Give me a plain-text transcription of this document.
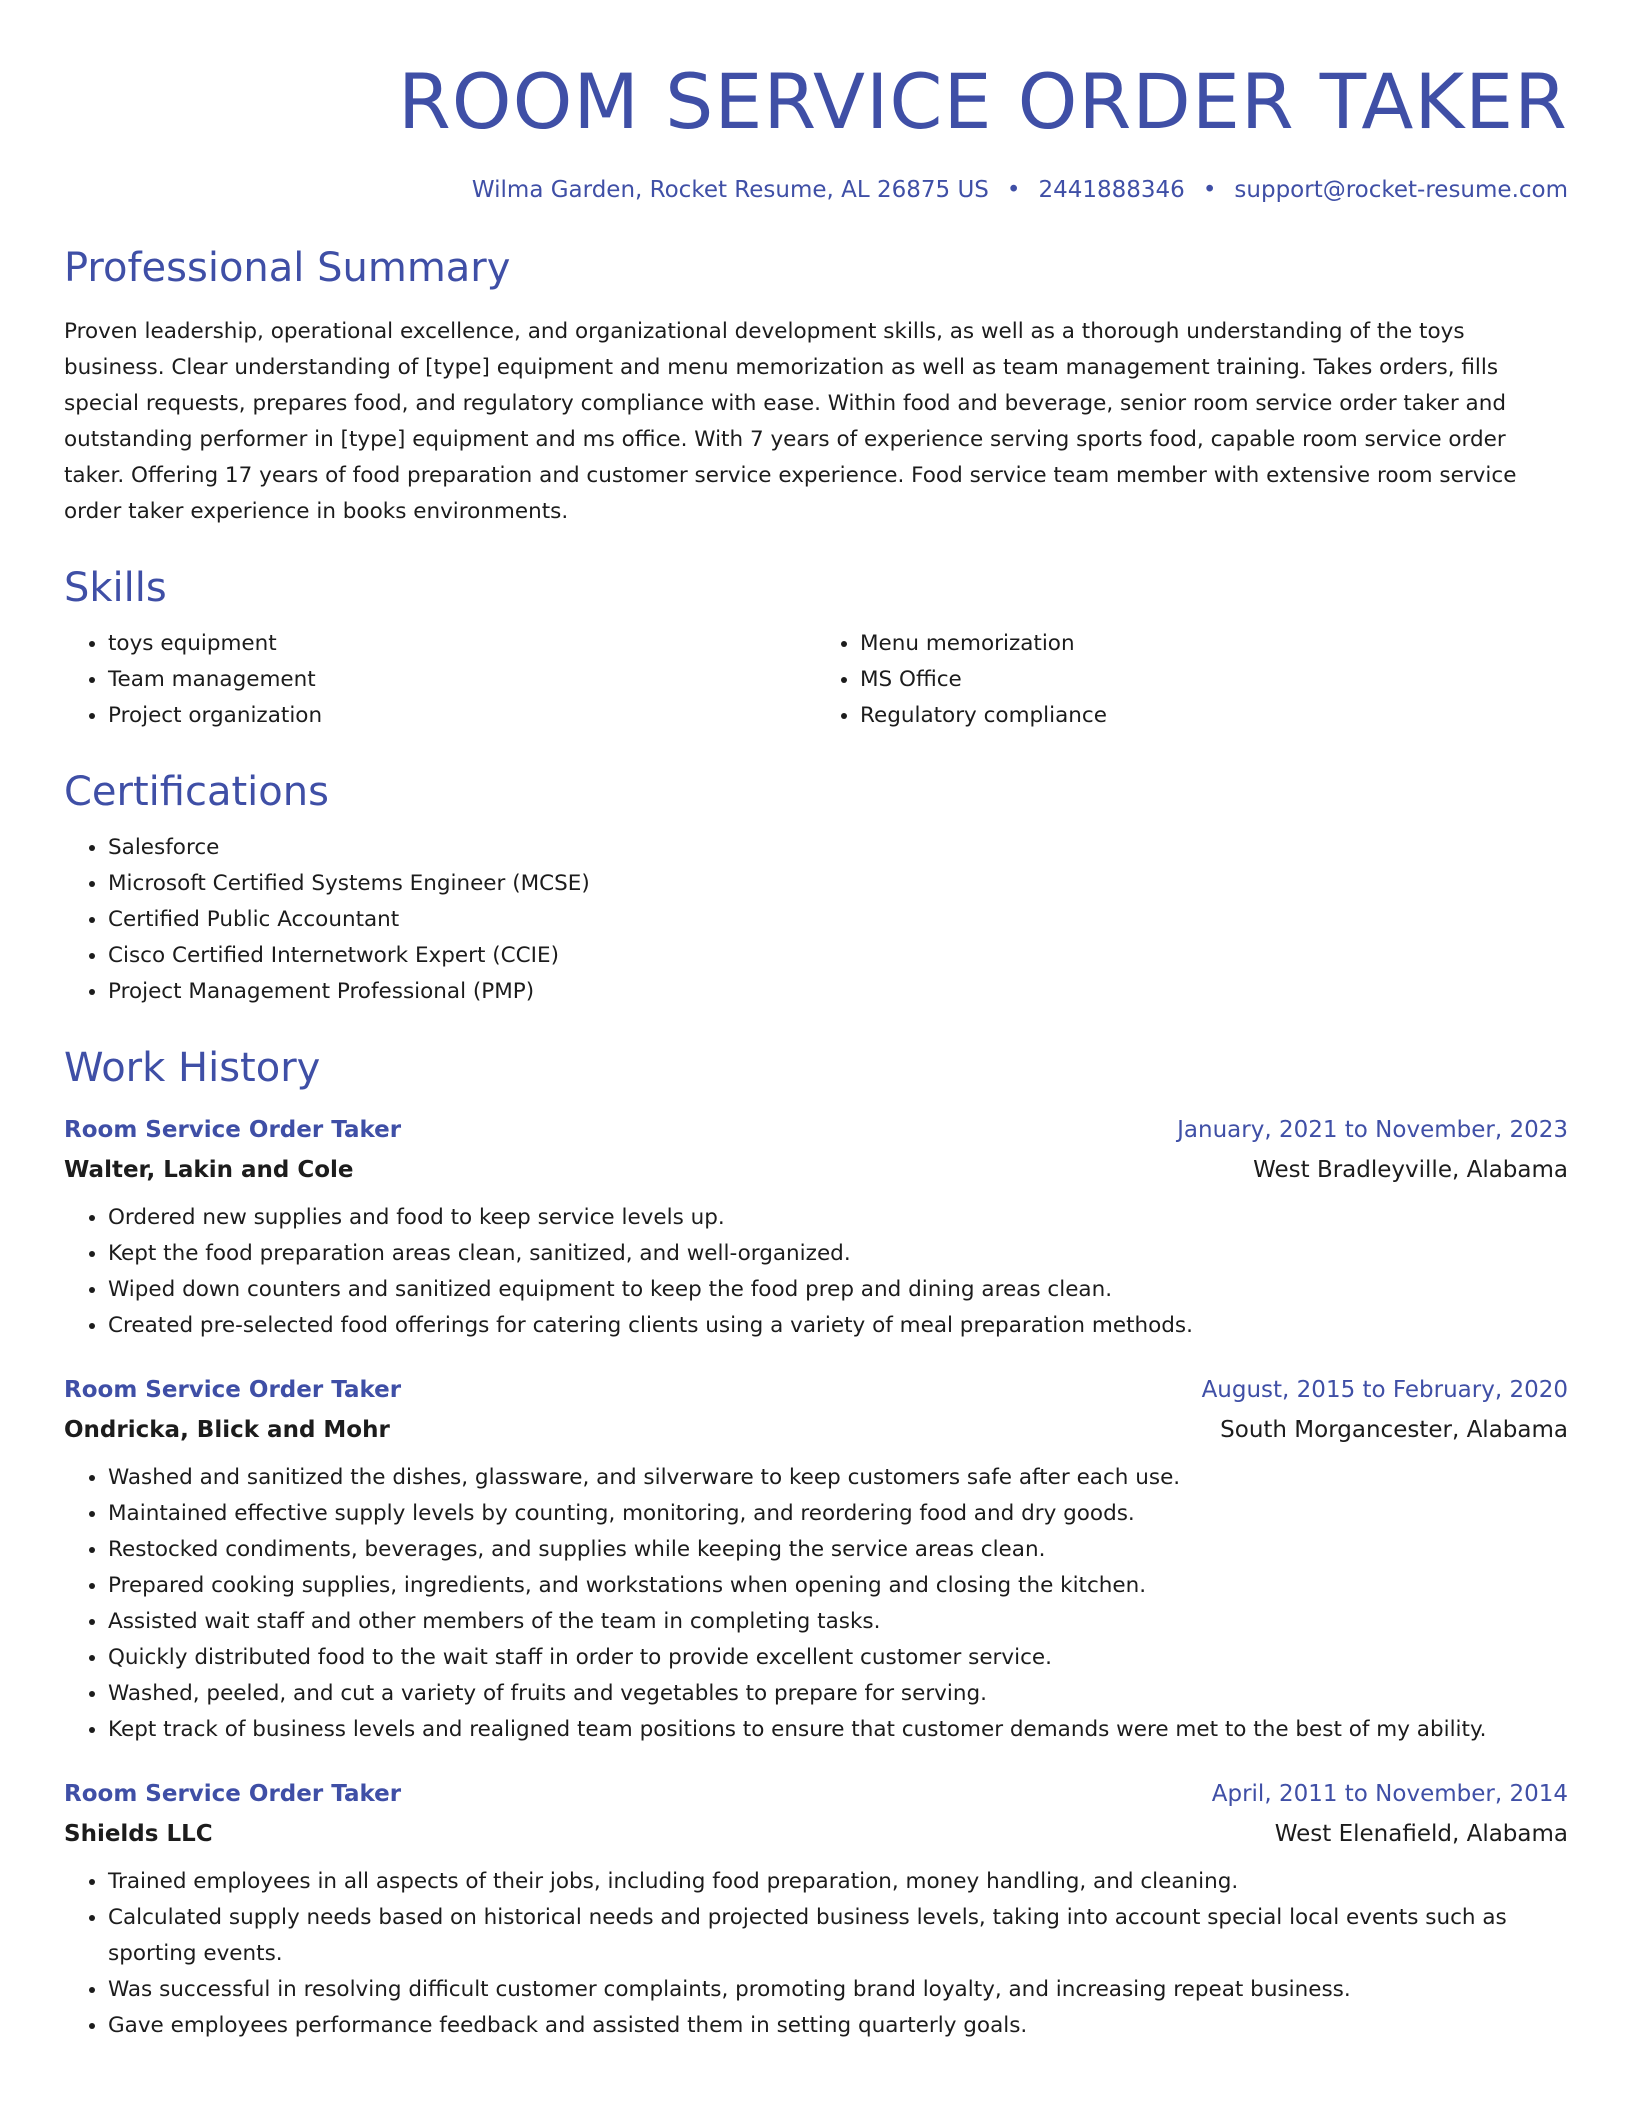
ROOM SERVICE ORDER TAKER
Wilma Garden, Rocket Resume, AL 26875 US • 2441888346 • support@rocket-resume.com
Professional Summary

Proven leadership, operational excellence, and organizational development skills, as well as a thorough understanding of the toys business. Clear understanding of [type] equipment and menu memorization as well as team management training. Takes orders, fills special requests, prepares food, and regulatory compliance with ease. Within food and beverage, senior room service order taker and outstanding performer in [type] equipment and ms office. With 7 years of experience serving sports food, capable room service order taker. Offering 17 years of food preparation and customer service experience. Food service team member with extensive room service order taker experience in books environments.

Skills
• toys equipment
• Team management
• Project organization
• Menu memorization
• MS Office
• Regulatory compliance
Certifications
• Salesforce
• Microsoft Certified Systems Engineer (MCSE)
• Certified Public Accountant
• Cisco Certified Internetwork Expert (CCIE)
• Project Management Professional (PMP)
Work History
Room Service Order Taker	January, 2021 to November, 2023
Walter, Lakin and Cole	West Bradleyville, Alabama
• Ordered new supplies and food to keep service levels up.
• Kept the food preparation areas clean, sanitized, and well-organized.
• Wiped down counters and sanitized equipment to keep the food prep and dining areas clean.
• Created pre-selected food offerings for catering clients using a variety of meal preparation methods.
Room Service Order Taker	August, 2015 to February, 2020
Ondricka, Blick and Mohr	South Morgancester, Alabama
• Washed and sanitized the dishes, glassware, and silverware to keep customers safe after each use.
• Maintained effective supply levels by counting, monitoring, and reordering food and dry goods.
• Restocked condiments, beverages, and supplies while keeping the service areas clean.
• Prepared cooking supplies, ingredients, and workstations when opening and closing the kitchen.
• Assisted wait staff and other members of the team in completing tasks.
• Quickly distributed food to the wait staff in order to provide excellent customer service.
• Washed, peeled, and cut a variety of fruits and vegetables to prepare for serving.
• Kept track of business levels and realigned team positions to ensure that customer demands were met to the best of my ability.
Room Service Order Taker	April, 2011 to November, 2014
Shields LLC	West Elenafield, Alabama
• Trained employees in all aspects of their jobs, including food preparation, money handling, and cleaning.
• Calculated supply needs based on historical needs and projected business levels, taking into account special local events such as sporting events.
• Was successful in resolving difficult customer complaints, promoting brand loyalty, and increasing repeat business.
• Gave employees performance feedback and assisted them in setting quarterly goals.
